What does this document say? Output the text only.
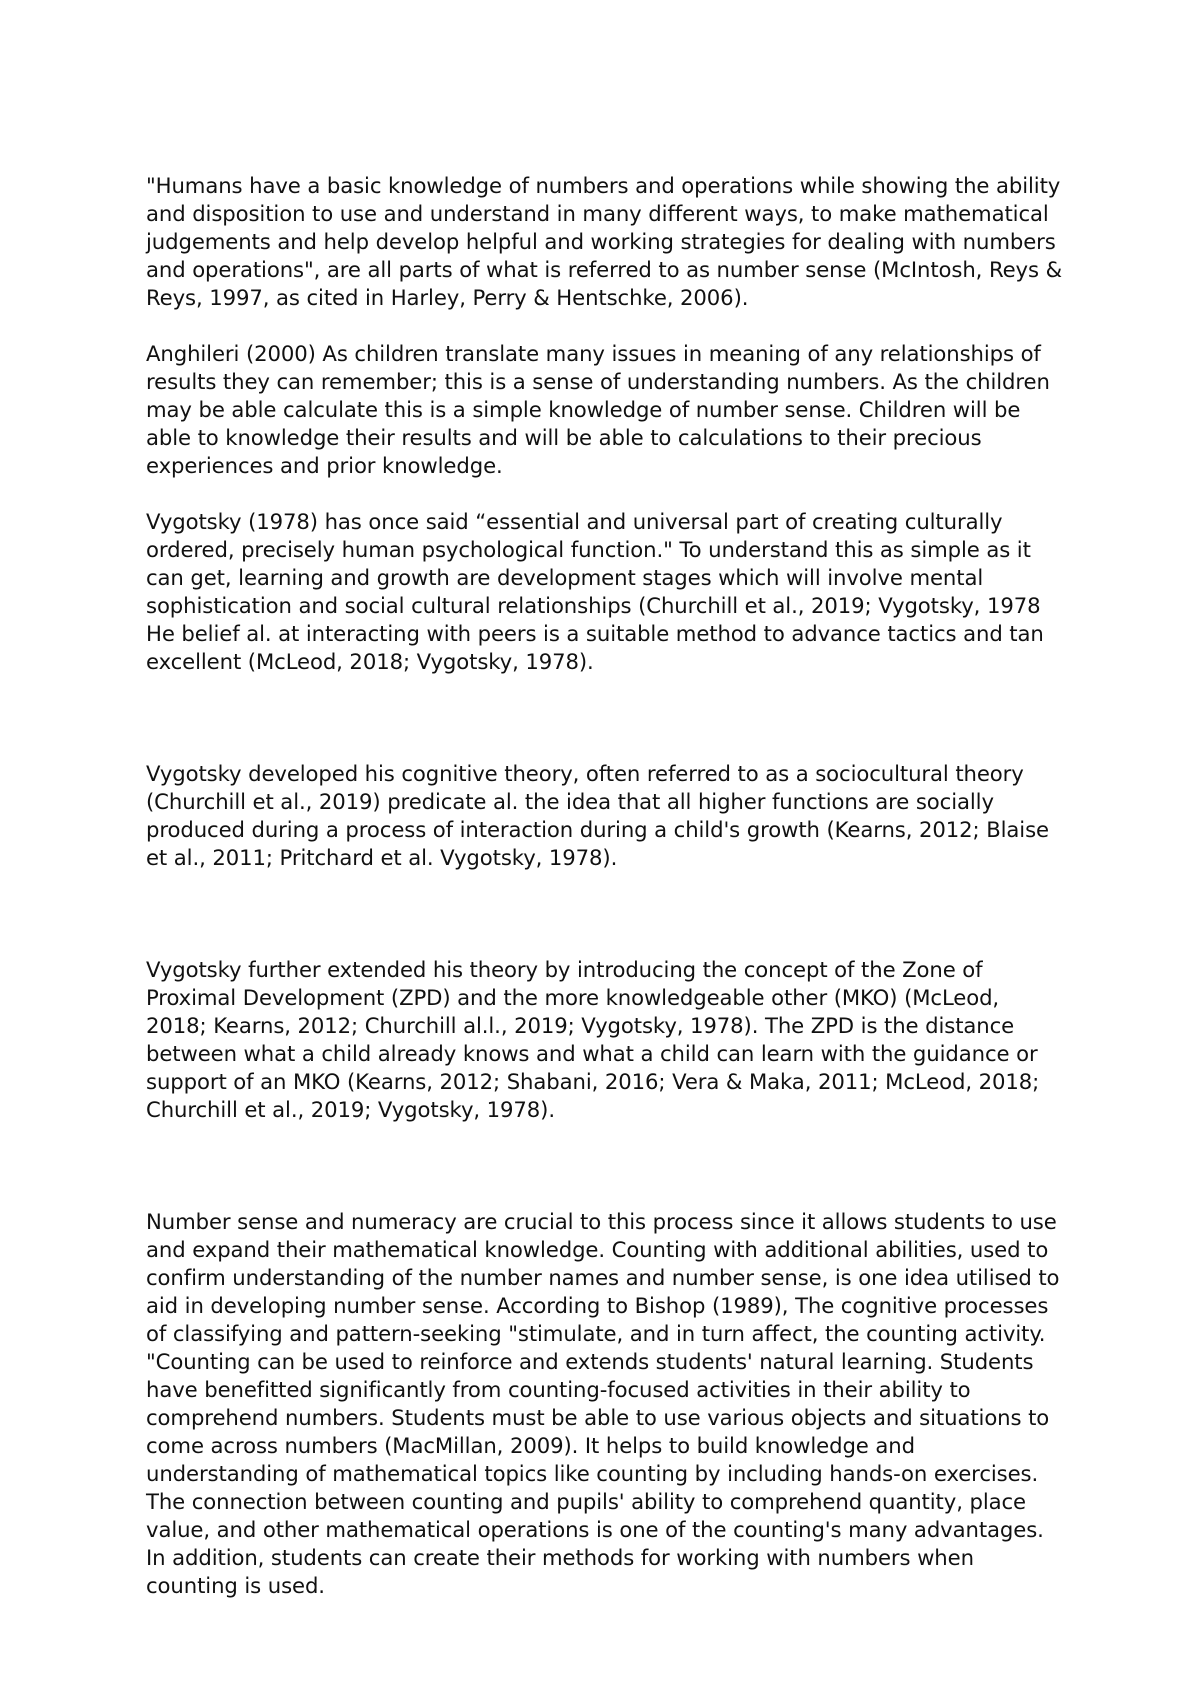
"Humans have a basic knowledge of numbers and operations while showing the ability and disposition to use and understand in many different ways, to make mathematical judgements and help develop helpful and working strategies for dealing with numbers and operations", are all parts of what is referred to as number sense (McIntosh, Reys & Reys, 1997, as cited in Harley, Perry & Hentschke, 2006).

Anghileri (2000) As children translate many issues in meaning of any relationships of results they can remember; this is a sense of understanding numbers. As the children may be able calculate this is a simple knowledge of number sense. Children will be able to knowledge their results and will be able to calculations to their precious experiences and prior knowledge.

Vygotsky (1978) has once said “essential and universal part of creating culturally ordered, precisely human psychological function." To understand this as simple as it can get, learning and growth are development stages which will involve mental sophistication and social cultural relationships (Churchill et al., 2019; Vygotsky, 1978 He belief al. at interacting with peers is a suitable method to advance tactics and tan excellent (McLeod, 2018; Vygotsky, 1978).

Vygotsky developed his cognitive theory, often referred to as a sociocultural theory (Churchill et al., 2019) predicate al. the idea that all higher functions are socially produced during a process of interaction during a child's growth (Kearns, 2012; Blaise et al., 2011; Pritchard et al. Vygotsky, 1978).

Vygotsky further extended his theory by introducing the concept of the Zone of Proximal Development (ZPD) and the more knowledgeable other (MKO) (McLeod, 2018; Kearns, 2012; Churchill al.l., 2019; Vygotsky, 1978). The ZPD is the distance between what a child already knows and what a child can learn with the guidance or support of an MKO (Kearns, 2012; Shabani, 2016; Vera & Maka, 2011; McLeod, 2018; Churchill et al., 2019; Vygotsky, 1978).

Number sense and numeracy are crucial to this process since it allows students to use and expand their mathematical knowledge. Counting with additional abilities, used to confirm understanding of the number names and number sense, is one idea utilised to aid in developing number sense. According to Bishop (1989), The cognitive processes of classifying and pattern-seeking "stimulate, and in turn affect, the counting activity. "Counting can be used to reinforce and extends students' natural learning. Students have benefitted significantly from counting-focused activities in their ability to comprehend numbers. Students must be able to use various objects and situations to come across numbers (MacMillan, 2009). It helps to build knowledge and understanding of mathematical topics like counting by including hands-on exercises. The connection between counting and pupils' ability to comprehend quantity, place value, and other mathematical operations is one of the counting's many advantages. In addition, students can create their methods for working with numbers when counting is used.
